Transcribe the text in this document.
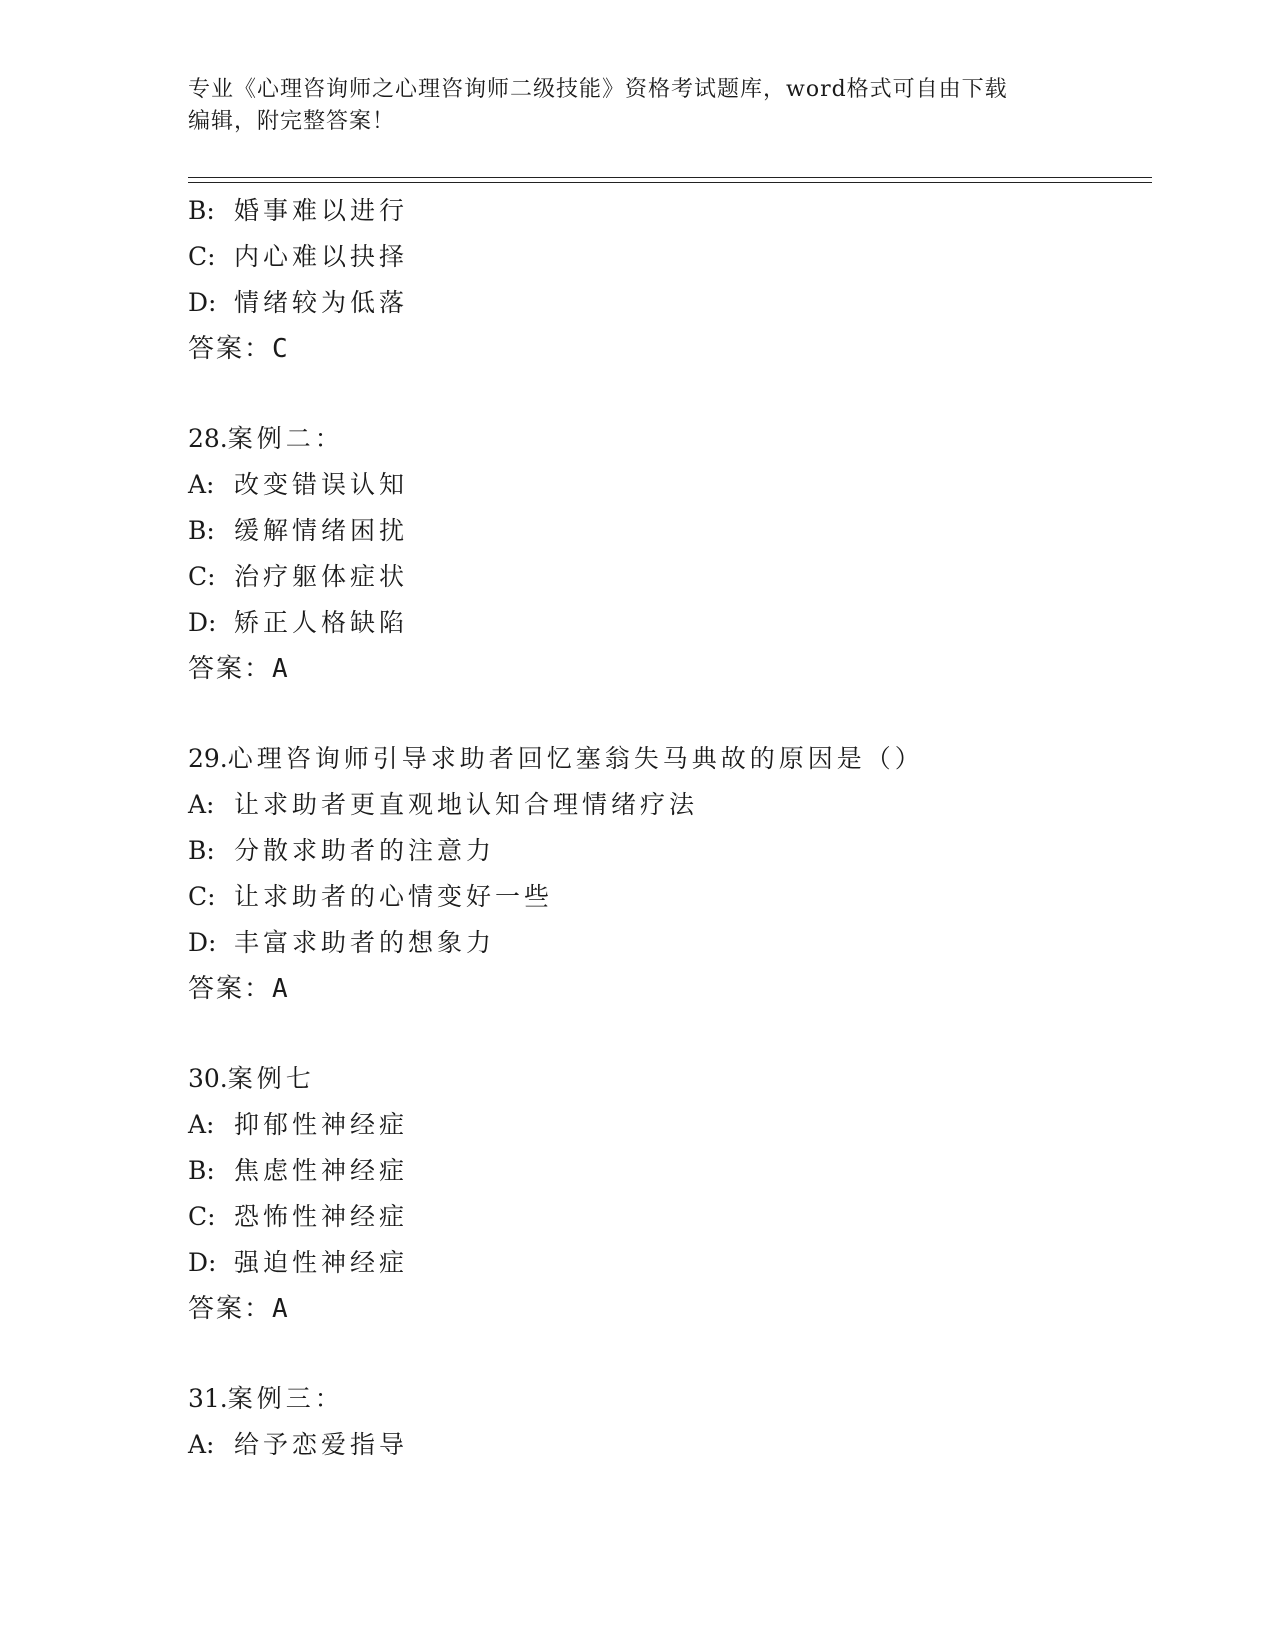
专业《心理咨询师之心理咨询师二级技能》资格考试题库，word格式可自由下载
编辑，附完整答案！
B: 婚事难以进行
C: 内心难以抉择
D: 情绪较为低落
答案：C
28.案例二：
A: 改变错误认知
B: 缓解情绪困扰
C: 治疗躯体症状
D: 矫正人格缺陷
答案：A
29.心理咨询师引导求助者回忆塞翁失马典故的原因是（）
A: 让求助者更直观地认知合理情绪疗法
B: 分散求助者的注意力
C: 让求助者的心情变好一些
D: 丰富求助者的想象力
答案：A
30.案例七
A: 抑郁性神经症
B: 焦虑性神经症
C: 恐怖性神经症
D: 强迫性神经症
答案：A
31.案例三：
A: 给予恋爱指导
